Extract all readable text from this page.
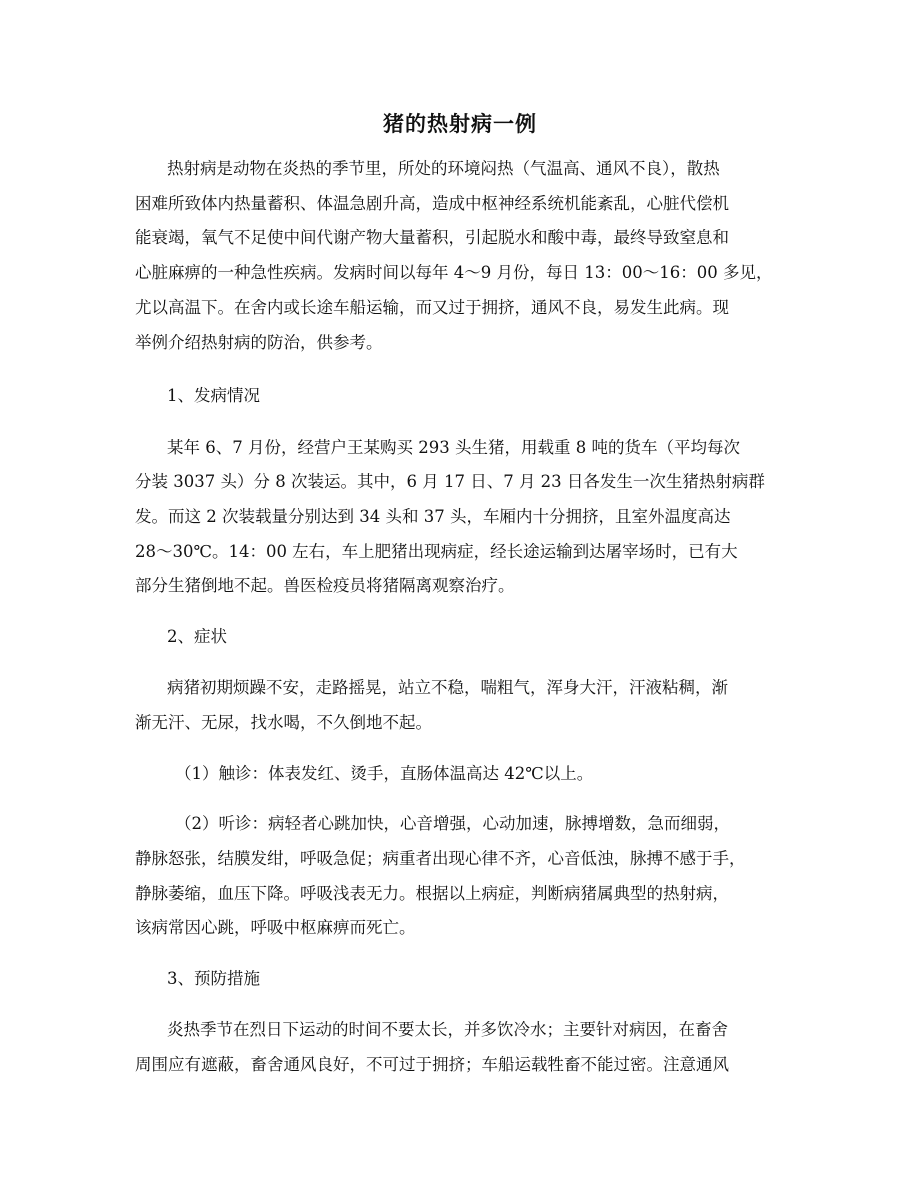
猪的热射病一例
热射病是动物在炎热的季节里，所处的环境闷热（气温高、通风不良），散热
困难所致体内热量蓄积、体温急剧升高，造成中枢神经系统机能紊乱，心脏代偿机
能衰竭，氧气不足使中间代谢产物大量蓄积，引起脱水和酸中毒，最终导致窒息和
心脏麻痹的一种急性疾病。发病时间以每年 4～9 月份，每日 13：00～16：00 多见，
尤以高温下。在舍内或长途车船运输，而又过于拥挤，通风不良，易发生此病。现
举例介绍热射病的防治，供参考。
1、发病情况
某年 6、7 月份，经营户王某购买 293 头生猪，用载重 8 吨的货车（平均每次
分装 3037 头）分 8 次装运。其中，6 月 17 日、7 月 23 日各发生一次生猪热射病群
发。而这 2 次装载量分别达到 34 头和 37 头，车厢内十分拥挤，且室外温度高达
28～30℃。14：00 左右，车上肥猪出现病症，经长途运输到达屠宰场时，已有大
部分生猪倒地不起。兽医检疫员将猪隔离观察治疗。
2、症状
病猪初期烦躁不安，走路摇晃，站立不稳，喘粗气，浑身大汗，汗液粘稠，渐
渐无汗、无尿，找水喝，不久倒地不起。
（1）触诊：体表发红、烫手，直肠体温高达 42℃以上。
（2）听诊：病轻者心跳加快，心音增强，心动加速，脉搏增数，急而细弱，
静脉怒张，结膜发绀，呼吸急促；病重者出现心律不齐，心音低浊，脉搏不感于手，
静脉萎缩，血压下降。呼吸浅表无力。根据以上病症，判断病猪属典型的热射病，
该病常因心跳，呼吸中枢麻痹而死亡。
3、预防措施
炎热季节在烈日下运动的时间不要太长，并多饮冷水；主要针对病因，在畜舍
周围应有遮蔽，畜舍通风良好，不可过于拥挤；车船运载牲畜不能过密。注意通风
